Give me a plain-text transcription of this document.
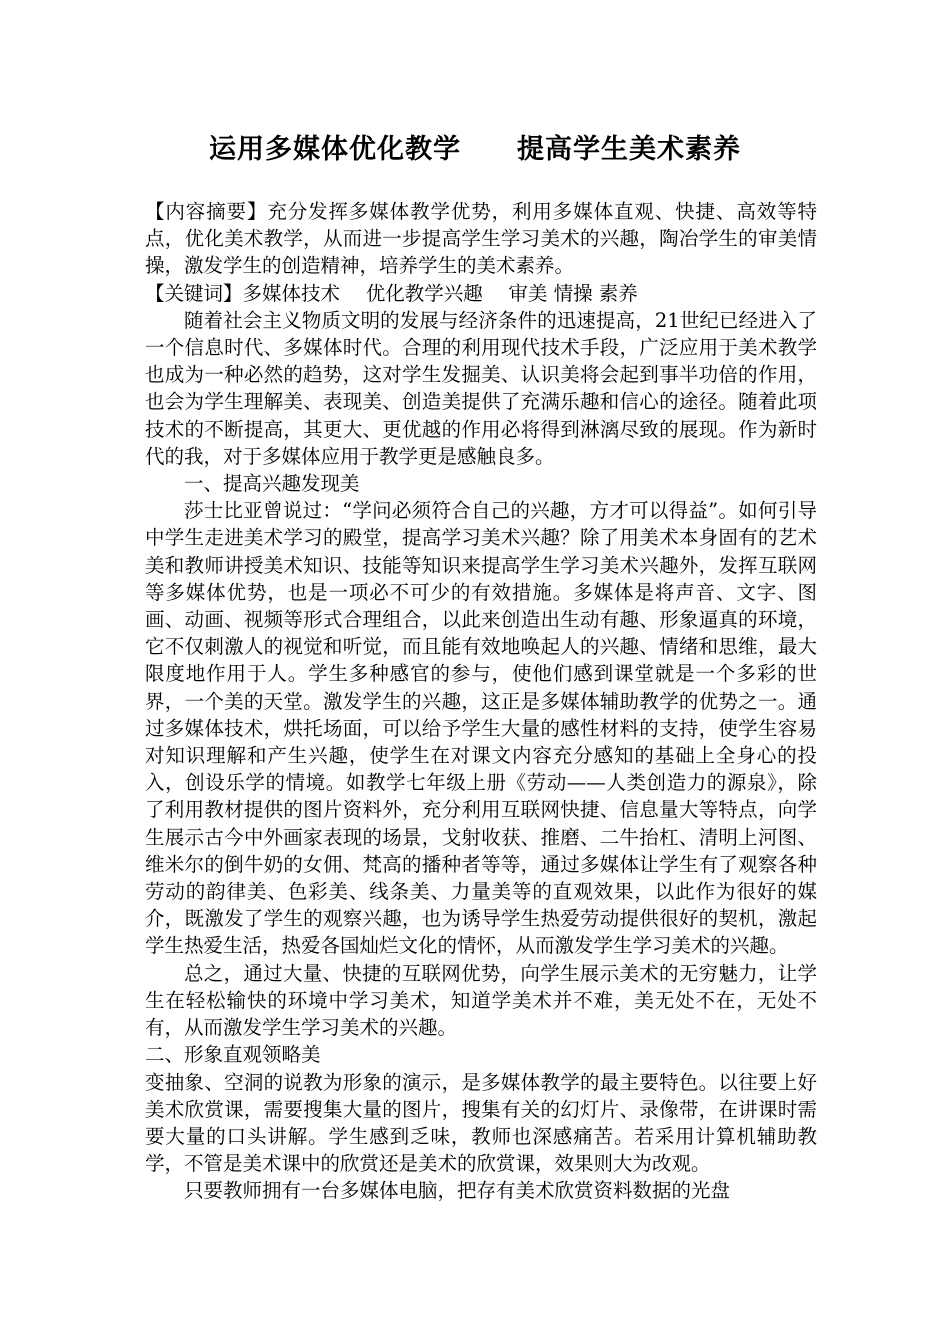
运用多媒体优化教学　　提高学生美术素养

【内容摘要】充分发挥多媒体教学优势，利用多媒体直观、快捷、高效等特点，优化美术教学，从而进一步提高学生学习美术的兴趣，陶冶学生的审美情操，激发学生的创造精神，培养学生的美术素养。

【关键词】多媒体技术　 优化教学兴趣　 审美 情操 素养

随着社会主义物质文明的发展与经济条件的迅速提高，21世纪已经进入了一个信息时代、多媒体时代。合理的利用现代技术手段，广泛应用于美术教学也成为一种必然的趋势，这对学生发掘美、认识美将会起到事半功倍的作用，也会为学生理解美、表现美、创造美提供了充满乐趣和信心的途径。随着此项技术的不断提高，其更大、更优越的作用必将得到淋漓尽致的展现。作为新时代的我，对于多媒体应用于教学更是感触良多。

一、提高兴趣发现美

莎士比亚曾说过：“学问必须符合自己的兴趣，方才可以得益”。如何引导中学生走进美术学习的殿堂，提高学习美术兴趣？除了用美术本身固有的艺术美和教师讲授美术知识、技能等知识来提高学生学习美术兴趣外，发挥互联网等多媒体优势，也是一项必不可少的有效措施。多媒体是将声音、文字、图画、动画、视频等形式合理组合，以此来创造出生动有趣、形象逼真的环境，它不仅刺激人的视觉和听觉，而且能有效地唤起人的兴趣、情绪和思维，最大限度地作用于人。学生多种感官的参与，使他们感到课堂就是一个多彩的世界，一个美的天堂。激发学生的兴趣，这正是多媒体辅助教学的优势之一。通过多媒体技术，烘托场面，可以给予学生大量的感性材料的支持，使学生容易对知识理解和产生兴趣，使学生在对课文内容充分感知的基础上全身心的投入，创设乐学的情境。如教学七年级上册《劳动——人类创造力的源泉》，除了利用教材提供的图片资料外，充分利用互联网快捷、信息量大等特点，向学生展示古今中外画家表现的场景，戈射收获、推磨、二牛抬杠、清明上河图、维米尔的倒牛奶的女佣、梵高的播种者等等，通过多媒体让学生有了观察各种劳动的韵律美、色彩美、线条美、力量美等的直观效果，以此作为很好的媒介，既激发了学生的观察兴趣，也为诱导学生热爱劳动提供很好的契机，激起学生热爱生活，热爱各国灿烂文化的情怀，从而激发学生学习美术的兴趣。

总之，通过大量、快捷的互联网优势，向学生展示美术的无穷魅力，让学生在轻松输快的环境中学习美术，知道学美术并不难，美无处不在，无处不有，从而激发学生学习美术的兴趣。

二、形象直观领略美

变抽象、空洞的说教为形象的演示，是多媒体教学的最主要特色。以往要上好美术欣赏课，需要搜集大量的图片，搜集有关的幻灯片、录像带，在讲课时需要大量的口头讲解。学生感到乏味，教师也深感痛苦。若采用计算机辅助教学，不管是美术课中的欣赏还是美术的欣赏课，效果则大为改观。

只要教师拥有一台多媒体电脑，把存有美术欣赏资料数据的光盘
